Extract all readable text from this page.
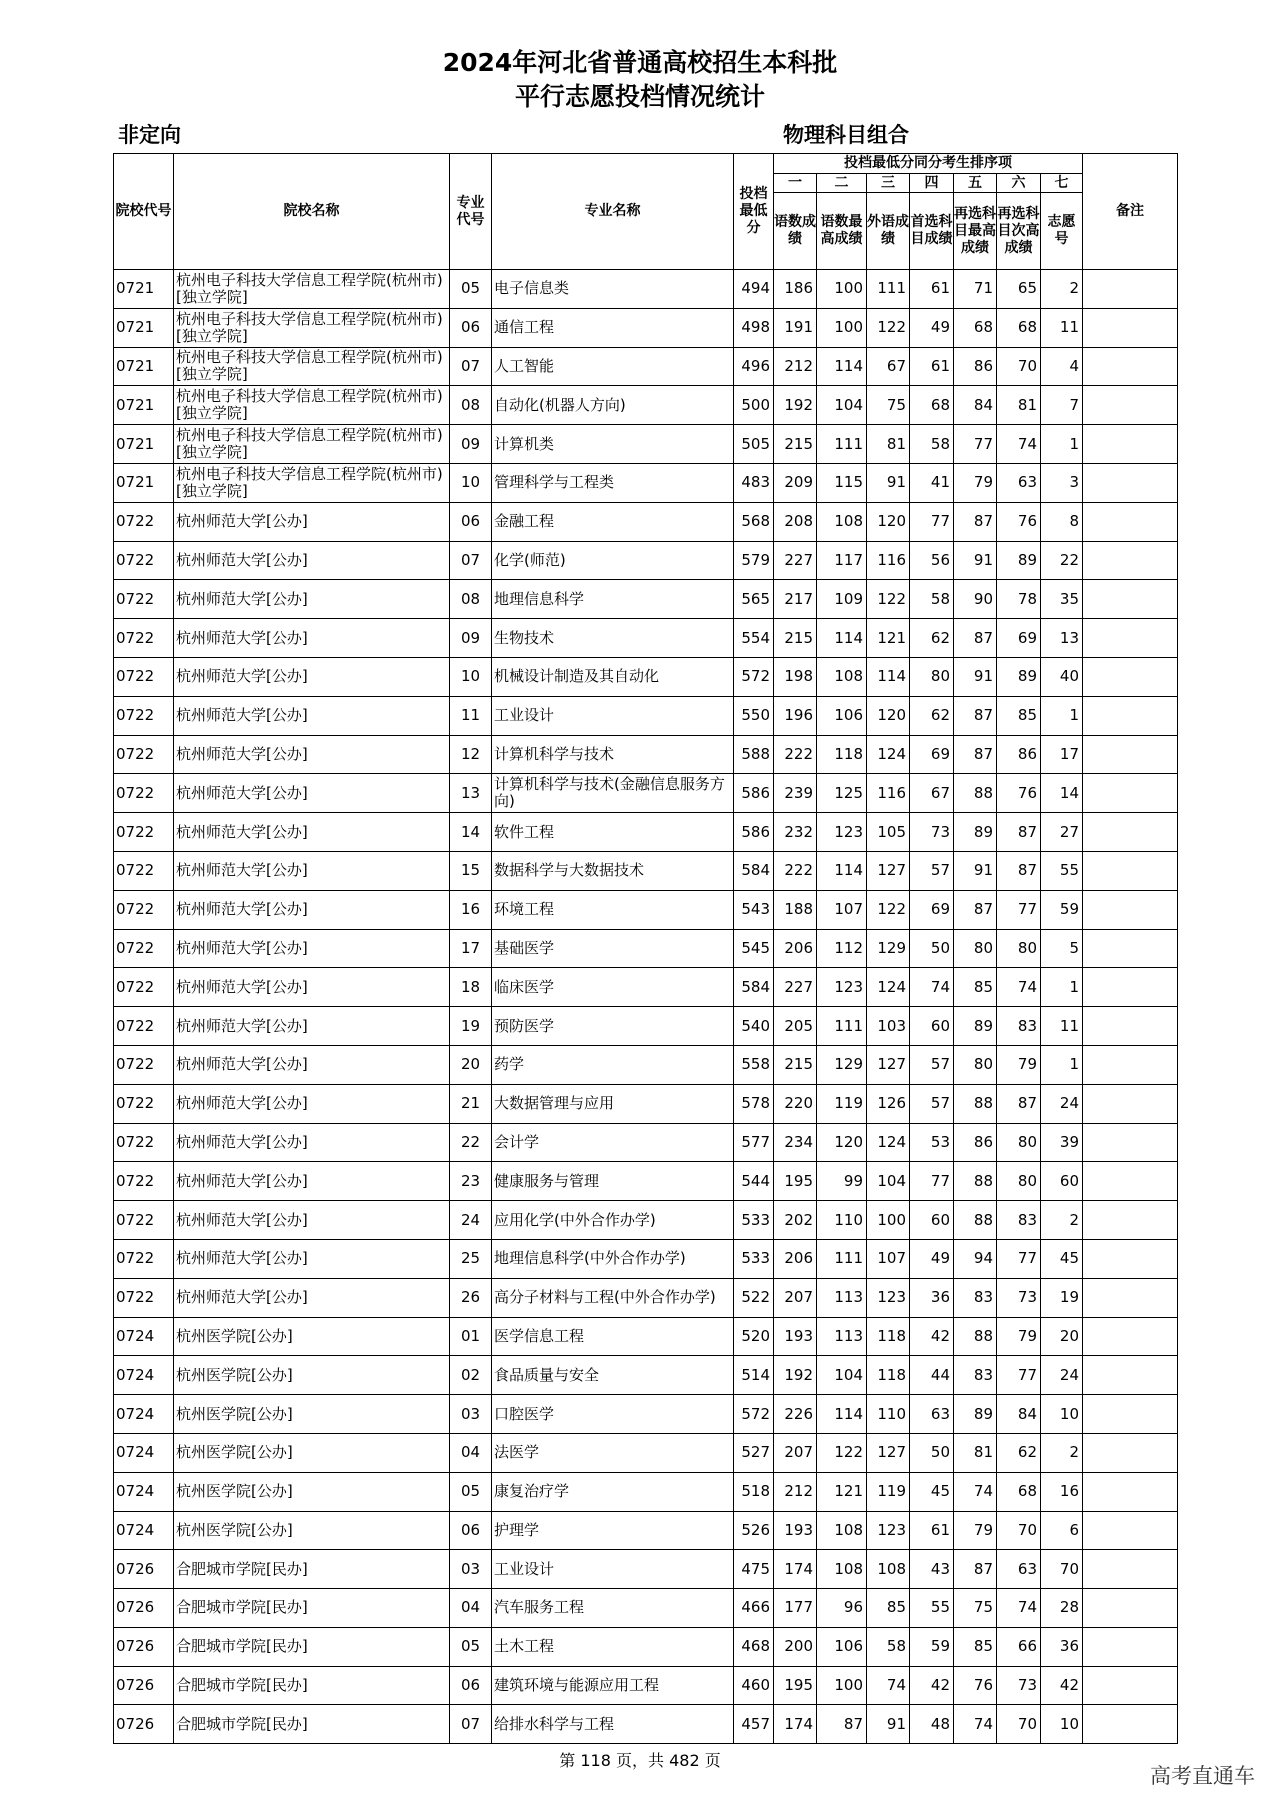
2024年河北省普通高校招生本科批
平行志愿投档情况统计
非定向	物理科目组合
院校代号	院校名称	专业代号	专业名称	投档最低分	投档最低分同分考生排序项							备注
					一	二	三	四	五	六	七	
					语数成绩	语数最高成绩	外语成绩	首选科目成绩	再选科目最高成绩	再选科目次高成绩	志愿号	
0721	杭州电子科技大学信息工程学院(杭州市)[独立学院]	05	电子信息类	494	186	100	111	61	71	65	2	
0721	杭州电子科技大学信息工程学院(杭州市)[独立学院]	06	通信工程	498	191	100	122	49	68	68	11	
0721	杭州电子科技大学信息工程学院(杭州市)[独立学院]	07	人工智能	496	212	114	67	61	86	70	4	
0721	杭州电子科技大学信息工程学院(杭州市)[独立学院]	08	自动化(机器人方向)	500	192	104	75	68	84	81	7	
0721	杭州电子科技大学信息工程学院(杭州市)[独立学院]	09	计算机类	505	215	111	81	58	77	74	1	
0721	杭州电子科技大学信息工程学院(杭州市)[独立学院]	10	管理科学与工程类	483	209	115	91	41	79	63	3	
0722	杭州师范大学[公办]	06	金融工程	568	208	108	120	77	87	76	8	
0722	杭州师范大学[公办]	07	化学(师范)	579	227	117	116	56	91	89	22	
0722	杭州师范大学[公办]	08	地理信息科学	565	217	109	122	58	90	78	35	
0722	杭州师范大学[公办]	09	生物技术	554	215	114	121	62	87	69	13	
0722	杭州师范大学[公办]	10	机械设计制造及其自动化	572	198	108	114	80	91	89	40	
0722	杭州师范大学[公办]	11	工业设计	550	196	106	120	62	87	85	1	
0722	杭州师范大学[公办]	12	计算机科学与技术	588	222	118	124	69	87	86	17	
0722	杭州师范大学[公办]	13	计算机科学与技术(金融信息服务方向)	586	239	125	116	67	88	76	14	
0722	杭州师范大学[公办]	14	软件工程	586	232	123	105	73	89	87	27	
0722	杭州师范大学[公办]	15	数据科学与大数据技术	584	222	114	127	57	91	87	55	
0722	杭州师范大学[公办]	16	环境工程	543	188	107	122	69	87	77	59	
0722	杭州师范大学[公办]	17	基础医学	545	206	112	129	50	80	80	5	
0722	杭州师范大学[公办]	18	临床医学	584	227	123	124	74	85	74	1	
0722	杭州师范大学[公办]	19	预防医学	540	205	111	103	60	89	83	11	
0722	杭州师范大学[公办]	20	药学	558	215	129	127	57	80	79	1	
0722	杭州师范大学[公办]	21	大数据管理与应用	578	220	119	126	57	88	87	24	
0722	杭州师范大学[公办]	22	会计学	577	234	120	124	53	86	80	39	
0722	杭州师范大学[公办]	23	健康服务与管理	544	195	99	104	77	88	80	60	
0722	杭州师范大学[公办]	24	应用化学(中外合作办学)	533	202	110	100	60	88	83	2	
0722	杭州师范大学[公办]	25	地理信息科学(中外合作办学)	533	206	111	107	49	94	77	45	
0722	杭州师范大学[公办]	26	高分子材料与工程(中外合作办学)	522	207	113	123	36	83	73	19	
0724	杭州医学院[公办]	01	医学信息工程	520	193	113	118	42	88	79	20	
0724	杭州医学院[公办]	02	食品质量与安全	514	192	104	118	44	83	77	24	
0724	杭州医学院[公办]	03	口腔医学	572	226	114	110	63	89	84	10	
0724	杭州医学院[公办]	04	法医学	527	207	122	127	50	81	62	2	
0724	杭州医学院[公办]	05	康复治疗学	518	212	121	119	45	74	68	16	
0724	杭州医学院[公办]	06	护理学	526	193	108	123	61	79	70	6	
0726	合肥城市学院[民办]	03	工业设计	475	174	108	108	43	87	63	70	
0726	合肥城市学院[民办]	04	汽车服务工程	466	177	96	85	55	75	74	28	
0726	合肥城市学院[民办]	05	土木工程	468	200	106	58	59	85	66	36	
0726	合肥城市学院[民办]	06	建筑环境与能源应用工程	460	195	100	74	42	76	73	42	
0726	合肥城市学院[民办]	07	给排水科学与工程	457	174	87	91	48	74	70	10	
第 118 页，共 482 页
高考直通车
